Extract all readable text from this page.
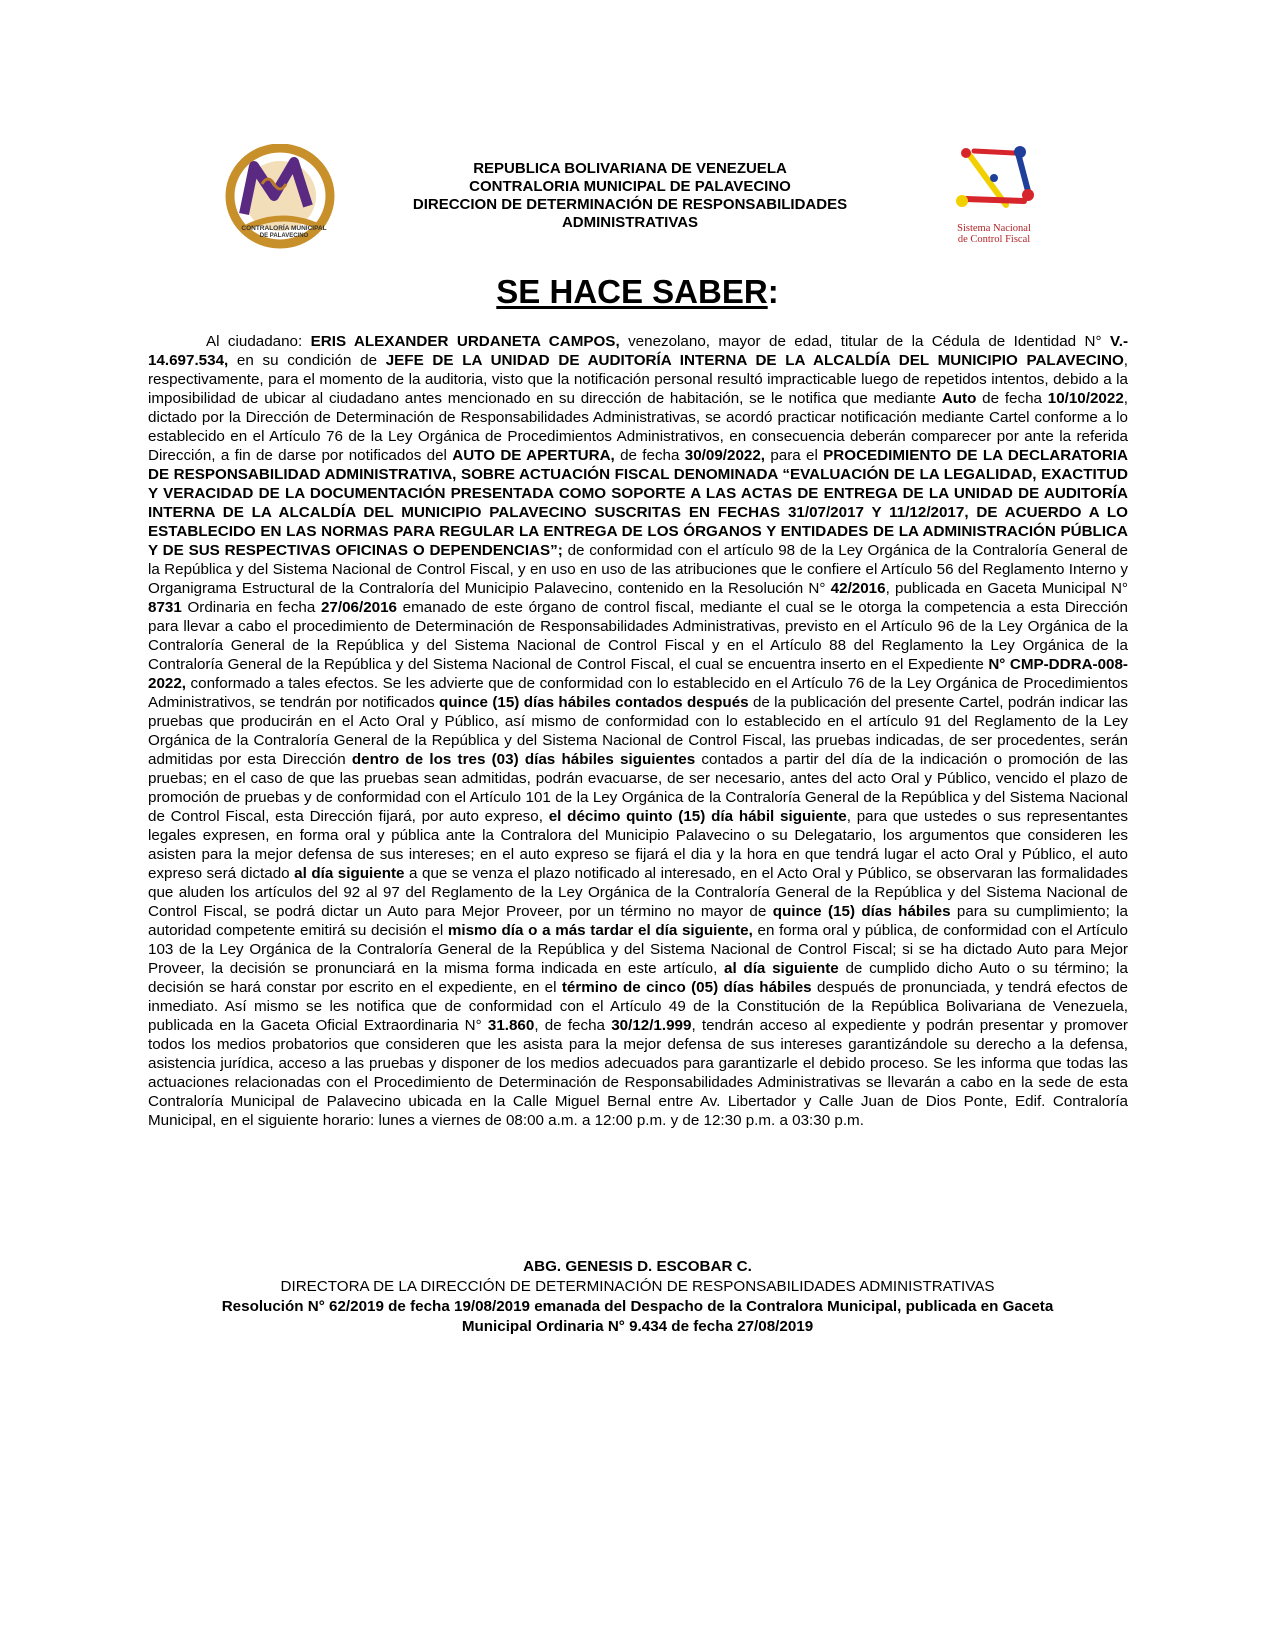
CONTRALORÍA MUNICIPAL
DE PALAVECINO
REPUBLICA BOLIVARIANA DE VENEZUELA
CONTRALORIA MUNICIPAL DE PALAVECINO
DIRECCION DE DETERMINACIÓN DE RESPONSABILIDADES
ADMINISTRATIVAS	Sistema Nacional
de Control Fiscal
SE HACE SABER:

Al ciudadano: ERIS ALEXANDER URDANETA CAMPOS, venezolano, mayor de edad, titular de la Cédula de Identidad N° V.- 14.697.534, en su condición de JEFE DE LA UNIDAD DE AUDITORÍA INTERNA DE LA ALCALDÍA DEL MUNICIPIO PALAVECINO, respectivamente, para el momento de la auditoria, visto que la notificación personal resultó impracticable luego de repetidos intentos, debido a la imposibilidad de ubicar al ciudadano antes mencionado en su dirección de habitación, se le notifica que mediante Auto de fecha 10/10/2022, dictado por la Dirección de Determinación de Responsabilidades Administrativas, se acordó practicar notificación mediante Cartel conforme a lo establecido en el Artículo 76 de la Ley Orgánica de Procedimientos Administrativos, en consecuencia deberán comparecer por ante la referida Dirección, a fin de darse por notificados del AUTO DE APERTURA, de fecha 30/09/2022, para el PROCEDIMIENTO DE LA DECLARATORIA DE RESPONSABILIDAD ADMINISTRATIVA, SOBRE ACTUACIÓN FISCAL DENOMINADA “EVALUACIÓN DE LA LEGALIDAD, EXACTITUD Y VERACIDAD DE LA DOCUMENTACIÓN PRESENTADA COMO SOPORTE A LAS ACTAS DE ENTREGA DE LA UNIDAD DE AUDITORÍA INTERNA DE LA ALCALDÍA DEL MUNICIPIO PALAVECINO SUSCRITAS EN FECHAS 31/07/2017 Y 11/12/2017, DE ACUERDO A LO ESTABLECIDO EN LAS NORMAS PARA REGULAR LA ENTREGA DE LOS ÓRGANOS Y ENTIDADES DE LA ADMINISTRACIÓN PÚBLICA Y DE SUS RESPECTIVAS OFICINAS O DEPENDENCIAS”; de conformidad con el artículo 98 de la Ley Orgánica de la Contraloría General de la República y del Sistema Nacional de Control Fiscal, y en uso en uso de las atribuciones que le confiere el Artículo 56 del Reglamento Interno y Organigrama Estructural de la Contraloría del Municipio Palavecino, contenido en la Resolución N° 42/2016, publicada en Gaceta Municipal N° 8731 Ordinaria en fecha 27/06/2016 emanado de este órgano de control fiscal, mediante el cual se le otorga la competencia a esta Dirección para llevar a cabo el procedimiento de Determinación de Responsabilidades Administrativas, previsto en el Artículo 96 de la Ley Orgánica de la Contraloría General de la República y del Sistema Nacional de Control Fiscal y en el Artículo 88 del Reglamento la Ley Orgánica de la Contraloría General de la República y del Sistema Nacional de Control Fiscal, el cual se encuentra inserto en el Expediente N° CMP-DDRA-008-2022, conformado a tales efectos. Se les advierte que de conformidad con lo establecido en el Artículo 76 de la Ley Orgánica de Procedimientos Administrativos, se tendrán por notificados quince (15) días hábiles contados después de la publicación del presente Cartel, podrán indicar las pruebas que producirán en el Acto Oral y Público, así mismo de conformidad con lo establecido en el artículo 91 del Reglamento de la Ley Orgánica de la Contraloría General de la República y del Sistema Nacional de Control Fiscal, las pruebas indicadas, de ser procedentes, serán admitidas por esta Dirección dentro de los tres (03) días hábiles siguientes contados a partir del día de la indicación o promoción de las pruebas; en el caso de que las pruebas sean admitidas, podrán evacuarse, de ser necesario, antes del acto Oral y Público, vencido el plazo de promoción de pruebas y de conformidad con el Artículo 101 de la Ley Orgánica de la Contraloría General de la República y del Sistema Nacional de Control Fiscal, esta Dirección fijará, por auto expreso, el décimo quinto (15) día hábil siguiente, para que ustedes o sus representantes legales expresen, en forma oral y pública ante la Contralora del Municipio Palavecino o su Delegatario, los argumentos que consideren les asisten para la mejor defensa de sus intereses; en el auto expreso se fijará el dia y la hora en que tendrá lugar el acto Oral y Público, el auto expreso será dictado al día siguiente a que se venza el plazo notificado al interesado, en el Acto Oral y Público, se observaran las formalidades que aluden los artículos del 92 al 97 del Reglamento de la Ley Orgánica de la Contraloría General de la República y del Sistema Nacional de Control Fiscal, se podrá dictar un Auto para Mejor Proveer, por un término no mayor de quince (15) días hábiles para su cumplimiento; la autoridad competente emitirá su decisión el mismo día o a más tardar el día siguiente, en forma oral y pública, de conformidad con el Artículo 103 de la Ley Orgánica de la Contraloría General de la República y del Sistema Nacional de Control Fiscal; si se ha dictado Auto para Mejor Proveer, la decisión se pronunciará en la misma forma indicada en este artículo, al día siguiente de cumplido dicho Auto o su término; la decisión se hará constar por escrito en el expediente, en el término de cinco (05) días hábiles después de pronunciada, y tendrá efectos de inmediato. Así mismo se les notifica que de conformidad con el Artículo 49 de la Constitución de la República Bolivariana de Venezuela, publicada en la Gaceta Oficial Extraordinaria N° 31.860, de fecha 30/12/1.999, tendrán acceso al expediente y podrán presentar y promover todos los medios probatorios que consideren que les asista para la mejor defensa de sus intereses garantizándole su derecho a la defensa, asistencia jurídica, acceso a las pruebas y disponer de los medios adecuados para garantizarle el debido proceso. Se les informa que todas las actuaciones relacionadas con el Procedimiento de Determinación de Responsabilidades Administrativas se llevarán a cabo en la sede de esta Contraloría Municipal de Palavecino ubicada en la Calle Miguel Bernal entre Av. Libertador y Calle Juan de Dios Ponte, Edif. Contraloría Municipal, en el siguiente horario: lunes a viernes de 08:00 a.m. a 12:00 p.m. y de 12:30 p.m. a 03:30 p.m.

ABG. GENESIS D. ESCOBAR C.
DIRECTORA DE LA DIRECCIÓN DE DETERMINACIÓN DE RESPONSABILIDADES ADMINISTRATIVAS
Resolución N° 62/2019 de fecha 19/08/2019 emanada del Despacho de la Contralora Municipal, publicada en Gaceta
Municipal Ordinaria N° 9.434 de fecha 27/08/2019
